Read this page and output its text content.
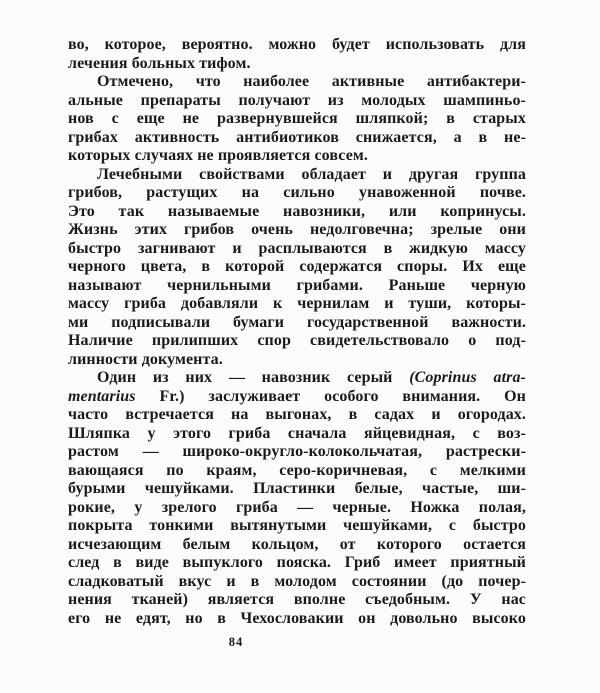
во, которое, вероятно. можно будет использовать для
лечения больных тифом.
Отмечено, что наиболее активные антибактери-
альные препараты получают из молодых шампиньо-
нов с еще не развернувшейся шляпкой; в старых
грибах активность антибиотиков снижается, а в не-
которых случаях не проявляется совсем.
Лечебными свойствами обладает и другая группа
грибов, растущих на сильно унавоженной почве.
Это так называемые навозники, или копринусы.
Жизнь этих грибов очень недолговечна; зрелые они
быстро загнивают и расплываются в жидкую массу
черного цвета, в которой содержатся споры. Их еще
называют чернильными грибами. Раньше черную
массу гриба добавляли к чернилам и туши, которы-
ми подписывали бумаги государственной важности.
Наличие прилипших спор свидетельствовало о под-
линности документа.
Один из них — навозник серый (Coprinus atra-
mentarius Fr.) заслуживает особого внимания. Он
часто встречается на выгонах, в садах и огородах.
Шляпка у этого гриба сначала яйцевидная, с воз-
растом — широко-округло-колокольчатая, растрески-
вающаяся по краям, серо-коричневая, с мелкими
бурыми чешуйками. Пластинки белые, частые, ши-
рокие, у зрелого гриба — черные. Ножка полая,
покрыта тонкими вытянутыми чешуйками, с быстро
исчезающим белым кольцом, от которого остается
след в виде выпуклого пояска. Гриб имеет приятный
сладковатый вкус и в молодом состоянии (до почер-
нения тканей) является вполне съедобным. У нас
его не едят, но в Чехословакии он довольно высоко
84
